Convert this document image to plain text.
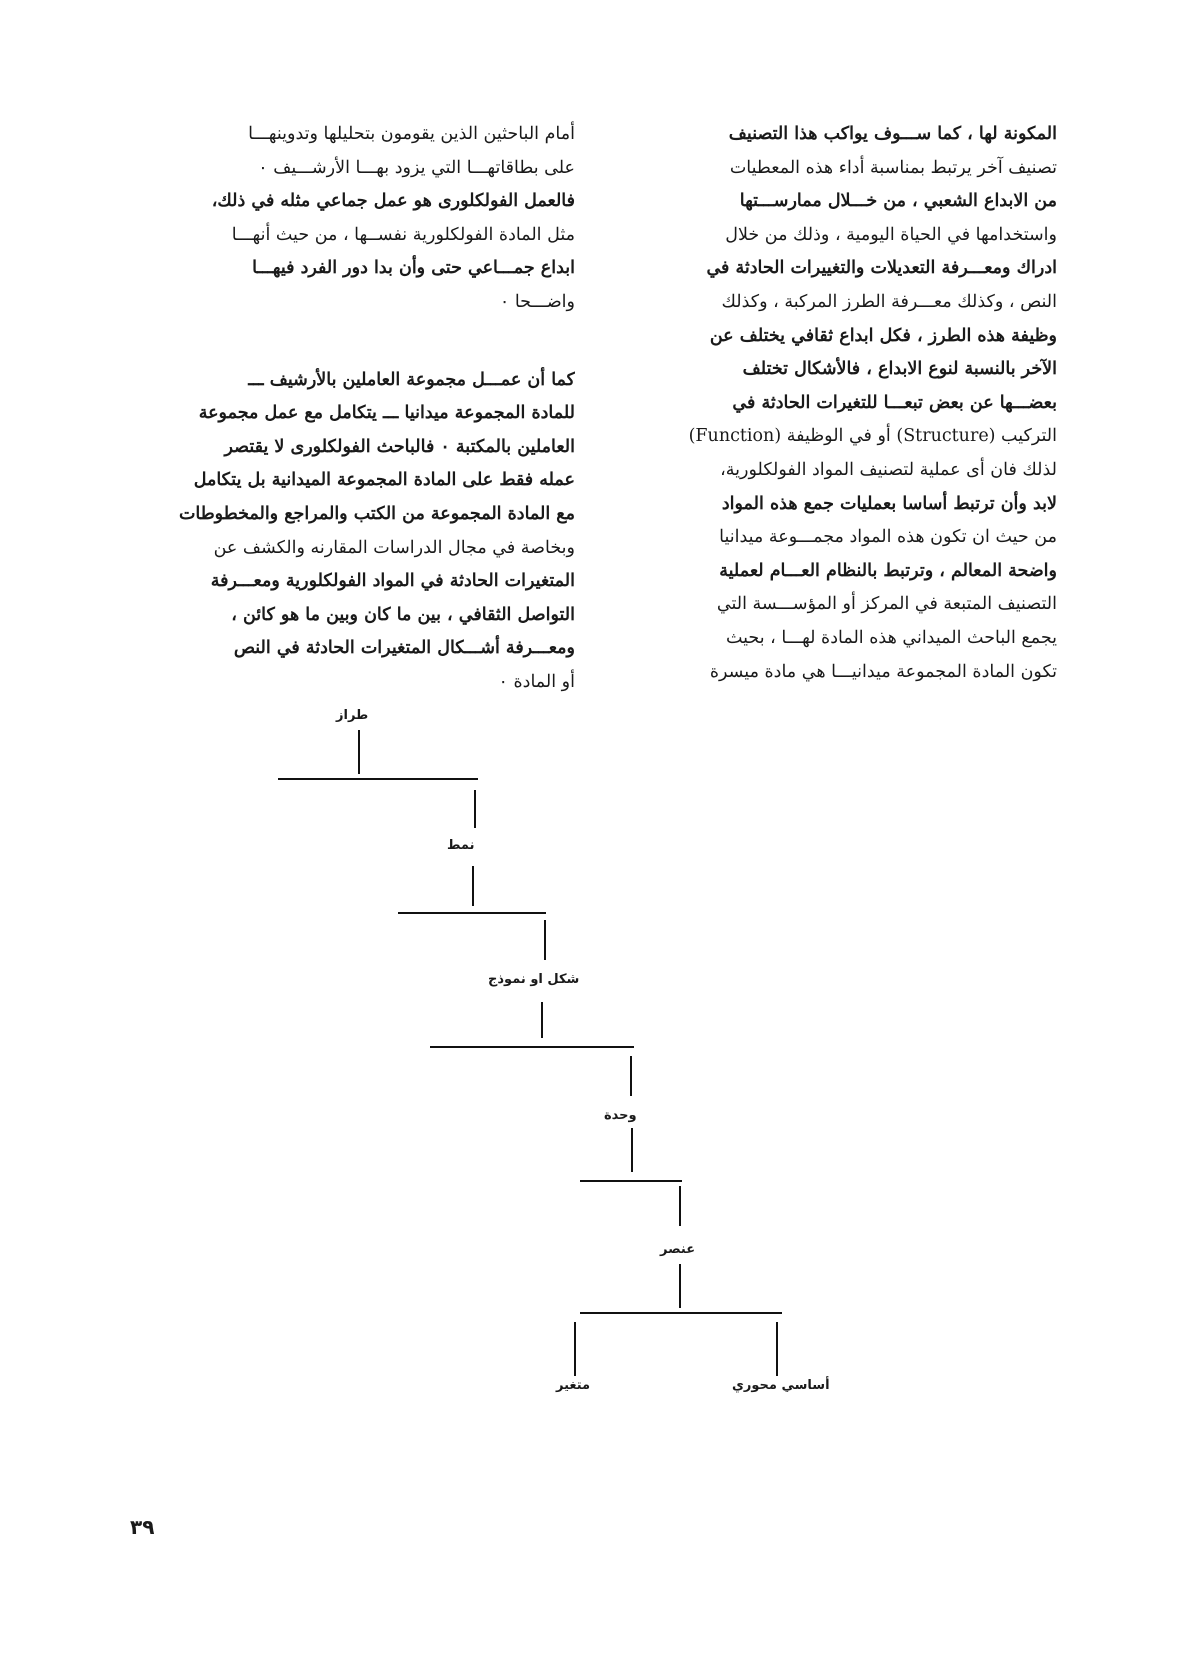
المكونة لها ، كما ســـوف يواكب هذا التصنيف
تصنيف آخر يرتبط بمناسبة أداء هذه المعطيات
من الابداع الشعبي ، من خـــلال ممارســـتها
واستخدامها في الحياة اليومية ، وذلك من خلال
ادراك ومعـــرفة التعديلات والتغييرات الحادثة في
النص ، وكذلك معـــرفة الطرز المركبة ، وكذلك
وظيفة هذه الطرز ، فكل ابداع ثقافي يختلف عن
الآخر بالنسبة لنوع الابداع ، فالأشكال تختلف
بعضـــها عن بعض تبعـــا للتغيرات الحادثة في
التركيب (Structure) أو في الوظيفة (Function)
لذلك فان أى عملية لتصنيف المواد الفولكلورية،
لابد وأن ترتبط أساسا بعمليات جمع هذه المواد
من حيث ان تكون هذه المواد مجمـــوعة ميدانيا
واضحة المعالم ، وترتبط بالنظام العـــام لعملية
التصنيف المتبعة في المركز أو المؤســـسة التي
يجمع الباحث الميداني هذه المادة لهـــا ، بحيث
تكون المادة المجموعة ميدانيـــا هي مادة ميسرة
أمام الباحثين الذين يقومون بتحليلها وتدوينهـــا
على بطاقاتهـــا التي يزود بهـــا الأرشـــيف ٠
فالعمل الفولكلورى هو عمل جماعي مثله في ذلك،
مثل المادة الفولكلورية نفســها ، من حيث أنهـــا
ابداع جمـــاعي حتى وأن بدا دور الفرد فيهـــا
واضـــحا ٠
كما أن عمـــل مجموعة العاملين بالأرشيف ـــ
للمادة المجموعة ميدانيا ـــ يتكامل مع عمل مجموعة
العاملين بالمكتبة ٠ فالباحث الفولكلورى لا يقتصر
عمله فقط على المادة المجموعة الميدانية بل يتكامل
مع المادة المجموعة من الكتب والمراجع والمخطوطات
وبخاصة في مجال الدراسات المقارنه والكشف عن
المتغيرات الحادثة في المواد الفولكلورية ومعـــرفة
التواصل الثقافي ، بين ما كان وبين ما هو كائن ،
ومعـــرفة أشـــكال المتغيرات الحادثة في النص
أو المادة ٠
طراز
نمط
شكل او نموذج
وحدة
عنصر
متغير	أساسي محوري
٣٩
